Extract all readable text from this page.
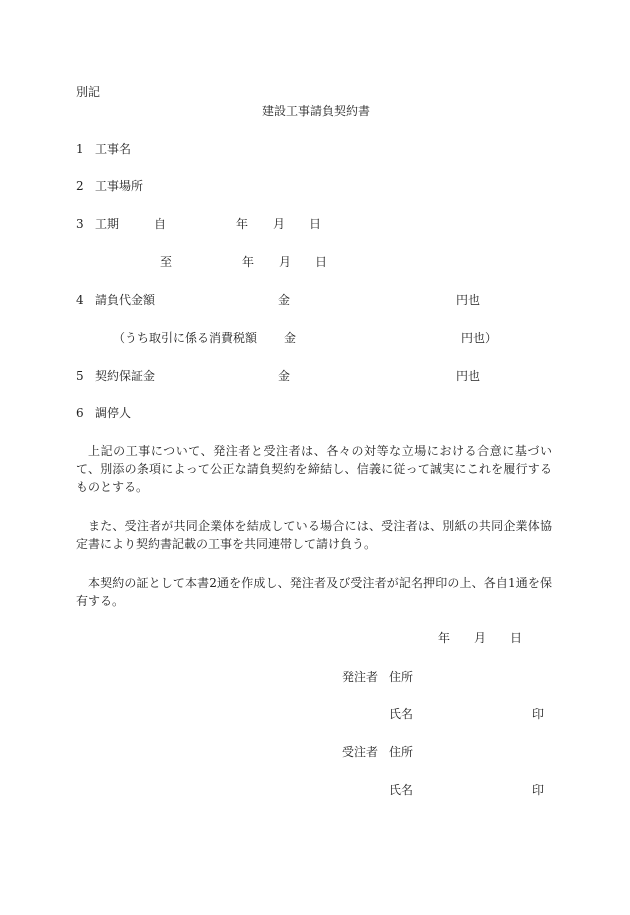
別記
建設工事請負契約書
1 工事名
2 工事場所
3 工期	自	年 月 日
至	年 月 日
4 請負代金額	金	円也
（うち取引に係る消費税額 金	円也）
5 契約保証金	金	円也
6 調停人
上記の工事について、発注者と受注者は、各々の対等な立場における合意に基づいて、別添の条項によって公正な請負契約を締結し、信義に従って誠実にこれを履行するものとする。
また、受注者が共同企業体を結成している場合には、受注者は、別紙の共同企業体協定書により契約書記載の工事を共同連帯して請け負う。
本契約の証として本書2通を作成し、発注者及び受注者が記名押印の上、各自1通を保有する。
年 月 日
発注者 住所
氏名	印
受注者 住所
氏名	印
